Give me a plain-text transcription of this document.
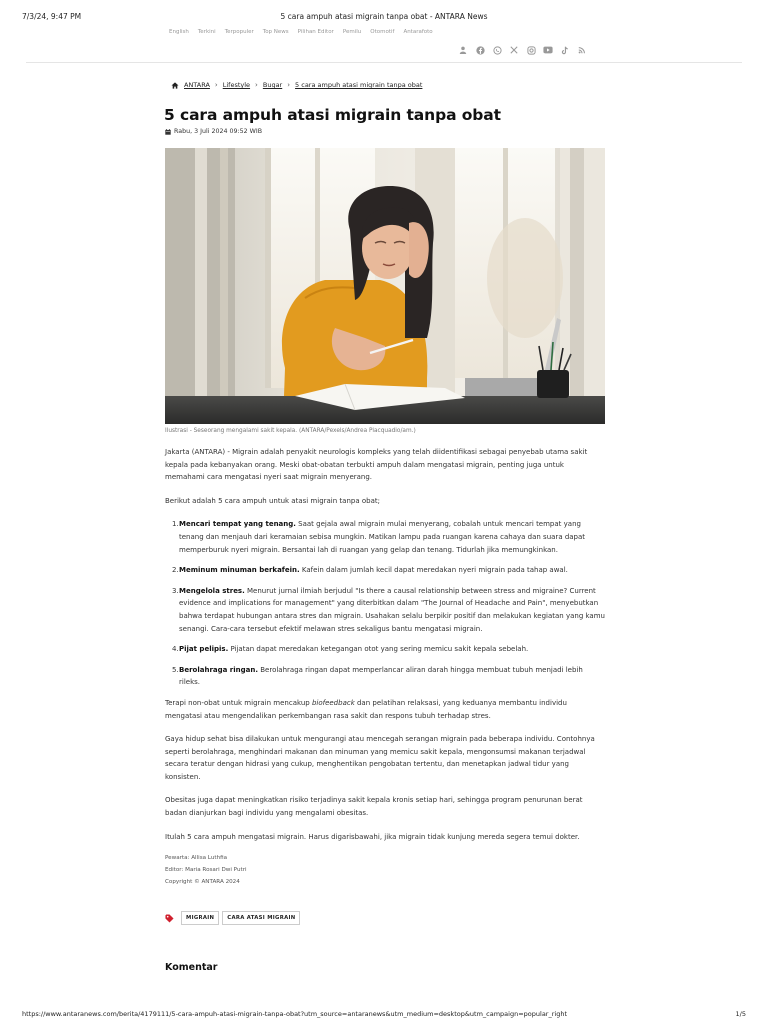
7/3/24, 9:47 PM	5 cara ampuh atasi migrain tanpa obat - ANTARA News
English Terkini Terpopuler Top News Pilihan Editor Pemilu Otomotif Antarafoto
ANTARA › Lifestyle › Bugar › 5 cara ampuh atasi migrain tanpa obat
5 cara ampuh atasi migrain tanpa obat
Rabu, 3 Juli 2024 09:52 WIB
Ilustrasi - Seseorang mengalami sakit kepala. (ANTARA/Pexels/Andrea Piacquadio/am.)

Jakarta (ANTARA) - Migrain adalah penyakit neurologis kompleks yang telah diidentifikasi sebagai penyebab utama sakit kepala pada kebanyakan orang. Meski obat-obatan terbukti ampuh dalam mengatasi migrain, penting juga untuk memahami cara mengatasi nyeri saat migrain menyerang.

Berikut adalah 5 cara ampuh untuk atasi migrain tanpa obat;

1. Mencari tempat yang tenang. Saat gejala awal migrain mulai menyerang, cobalah untuk mencari tempat yang tenang dan menjauh dari keramaian sebisa mungkin. Matikan lampu pada ruangan karena cahaya dan suara dapat memperburuk nyeri migrain. Bersantai lah di ruangan yang gelap dan tenang. Tidurlah jika memungkinkan.
2. Meminum minuman berkafein. Kafein dalam jumlah kecil dapat meredakan nyeri migrain pada tahap awal.
3. Mengelola stres. Menurut jurnal ilmiah berjudul "Is there a causal relationship between stress and migraine? Current evidence and implications for management" yang diterbitkan dalam "The Journal of Headache and Pain", menyebutkan bahwa terdapat hubungan antara stres dan migrain. Usahakan selalu berpikir positif dan melakukan kegiatan yang kamu senangi. Cara-cara tersebut efektif melawan stres sekaligus bantu mengatasi migrain.
4. Pijat pelipis. Pijatan dapat meredakan ketegangan otot yang sering memicu sakit kepala sebelah.
5. Berolahraga ringan. Berolahraga ringan dapat memperlancar aliran darah hingga membuat tubuh menjadi lebih rileks.

Terapi non-obat untuk migrain mencakup biofeedback dan pelatihan relaksasi, yang keduanya membantu individu mengatasi atau mengendalikan perkembangan rasa sakit dan respons tubuh terhadap stres.

Gaya hidup sehat bisa dilakukan untuk mengurangi atau mencegah serangan migrain pada beberapa individu. Contohnya seperti berolahraga, menghindari makanan dan minuman yang memicu sakit kepala, mengonsumsi makanan terjadwal secara teratur dengan hidrasi yang cukup, menghentikan pengobatan tertentu, dan menetapkan jadwal tidur yang konsisten.

Obesitas juga dapat meningkatkan risiko terjadinya sakit kepala kronis setiap hari, sehingga program penurunan berat badan dianjurkan bagi individu yang mengalami obesitas.

Itulah 5 cara ampuh mengatasi migrain. Harus digarisbawahi, jika migrain tidak kunjung mereda segera temui dokter.

Pewarta: Allisa Luthfia
Editor: Maria Rosari Dwi Putri
Copyright © ANTARA 2024
MIGRAIN	CARA ATASI MIGRAIN
Komentar
https://www.antaranews.com/berita/4179111/5-cara-ampuh-atasi-migrain-tanpa-obat?utm_source=antaranews&utm_medium=desktop&utm_campaign=popular_right	1/5
